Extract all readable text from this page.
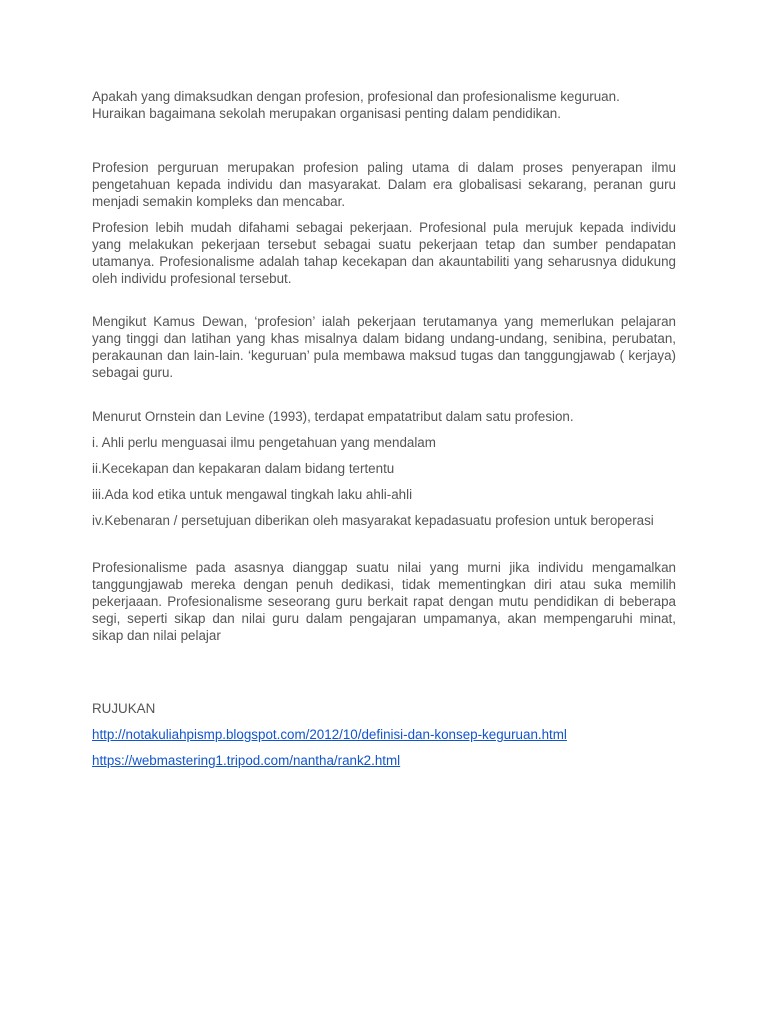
Apakah yang dimaksudkan dengan profesion, profesional dan profesionalisme keguruan.

Huraikan bagaimana sekolah merupakan organisasi penting dalam pendidikan.

Profesion perguruan merupakan profesion paling utama di dalam proses penyerapan ilmu pengetahuan kepada individu dan masyarakat. Dalam era globalisasi sekarang, peranan guru menjadi semakin kompleks dan mencabar.

Profesion lebih mudah difahami sebagai pekerjaan. Profesional pula merujuk kepada individu yang melakukan pekerjaan tersebut sebagai suatu pekerjaan tetap dan sumber pendapatan utamanya. Profesionalisme adalah tahap kecekapan dan akauntabiliti yang seharusnya didukung oleh individu profesional tersebut.

Mengikut Kamus Dewan, ‘profesion’ ialah pekerjaan terutamanya yang memerlukan pelajaran yang tinggi dan latihan yang khas misalnya dalam bidang undang-undang, senibina, perubatan, perakaunan dan lain-lain. ‘keguruan’ pula membawa maksud tugas dan tanggungjawab ( kerjaya) sebagai guru.

Menurut Ornstein dan Levine (1993), terdapat empatatribut dalam satu profesion.

i. Ahli perlu menguasai ilmu pengetahuan yang mendalam

ii.Kecekapan dan kepakaran dalam bidang tertentu

iii.Ada kod etika untuk mengawal tingkah laku ahli-ahli

iv.Kebenaran / persetujuan diberikan oleh masyarakat kepadasuatu profesion untuk beroperasi

Profesionalisme pada asasnya dianggap suatu nilai yang murni jika individu mengamalkan tanggungjawab mereka dengan penuh dedikasi, tidak mementingkan diri atau suka memilih pekerjaaan. Profesionalisme seseorang guru berkait rapat dengan mutu pendidikan di beberapa segi, seperti sikap dan nilai guru dalam pengajaran umpamanya, akan mempengaruhi minat, sikap dan nilai pelajar

RUJUKAN

http://notakuliahpismp.blogspot.com/2012/10/definisi-dan-konsep-keguruan.html
https://webmastering1.tripod.com/nantha/rank2.html
